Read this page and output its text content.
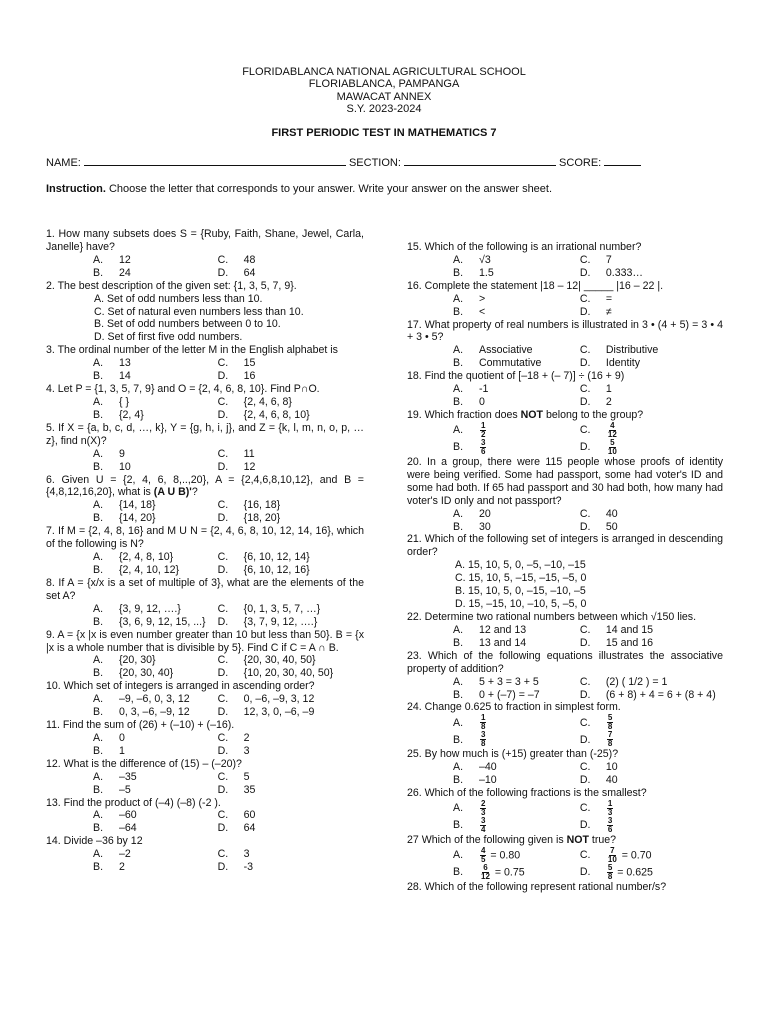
FLORIDABLANCA NATIONAL AGRICULTURAL SCHOOL
FLORIABLANCA, PAMPANGA
MAWACAT ANNEX
S.Y. 2023-2024
FIRST PERIODIC TEST IN MATHEMATICS 7
NAME:	SECTION:	SCORE:
Instruction. Choose the letter that corresponds to your answer. Write your answer on the answer sheet.
1. How many subsets does S = {Ruby, Faith, Shane, Jewel, Carla, Janelle} have?
A. 12	C. 48
B. 24	D. 64
2. The best description of the given set: {1, 3, 5, 7, 9}.
A. Set of odd numbers less than 10.
C. Set of natural even numbers less than 10.
B. Set of odd numbers between 0 to 10.
D. Set of first five odd numbers.
3. The ordinal number of the letter M in the English alphabet is
A. 13	C. 15
B. 14	D. 16
4. Let P = {1, 3, 5, 7, 9} and O = {2, 4, 6, 8, 10}. Find P∩O.
A. { }	C. {2, 4, 6, 8}
B. {2, 4}	D. {2, 4, 6, 8, 10}
5. If X = {a, b, c, d, …, k}, Y = {g, h, i, j}, and Z = {k, l, m, n, o, p, …z}, find n(X)?
A. 9	C. 11
B. 10	D. 12
6. Given U = {2, 4, 6, 8,..,20}, A = {2,4,6,8,10,12}, and B = {4,8,12,16,20}, what is (A U B)'?
A. {14, 18}	C. {16, 18}
B. {14, 20}	D. {18, 20}
7. If M = {2, 4, 8, 16} and M U N = {2, 4, 6, 8, 10, 12, 14, 16}, which of the following is N?
A. {2, 4, 8, 10}	C. {6, 10, 12, 14}
B. {2, 4, 10, 12}	D. {6, 10, 12, 16}
8. If A = {x/x is a set of multiple of 3}, what are the elements of the set A?
A. {3, 9, 12, ….}	C. {0, 1, 3, 5, 7, …}
B. {3, 6, 9, 12, 15, ...}	D. {3, 7, 9, 12, ….}
9. A = {x |x is even number greater than 10 but less than 50}. B = {x |x is a whole number that is divisible by 5}. Find C if C = A ∩ B.
A. {20, 30}	C. {20, 30, 40, 50}
B. {20, 30, 40}	D. {10, 20, 30, 40, 50}
10. Which set of integers is arranged in ascending order?
A. –9, –6, 0, 3, 12	C. 0, –6, –9, 3, 12
B. 0, 3, –6, –9, 12	D. 12, 3, 0, –6, –9
11. Find the sum of (26) + (–10) + (–16).
A. 0	C. 2
B. 1	D. 3
12. What is the difference of (15) – (–20)?
A. –35	C. 5
B. –5	D. 35
13. Find the product of (–4) (–8) (-2 ).
A. –60	C. 60
B. –64	D. 64
14. Divide –36 by 12
A. –2	C. 3
B. 2	D. -3
15. Which of the following is an irrational number?
A. √3	C. 7
B. 1.5	D. 0.333…
16. Complete the statement |18 – 12| _____ |16 – 22 |.
A. >	C. =
B. <	D. ≠
17. What property of real numbers is illustrated in 3 • (4 + 5) = 3 • 4 + 3 • 5?
A. Associative	C. Distributive
B. Commutative	D. Identity
18. Find the quotient of [–18 + (– 7)] ÷ (16 + 9)
A. -1	C. 1
B. 0	D. 2
19. Which fraction does NOT belong to the group?
A. $\frac{1}{2}$	C. $\frac{4}{12}$
B. $\frac{3}{6}$	D. $\frac{5}{10}$
20. In a group, there were 115 people whose proofs of identity were being verified. Some had passport, some had voter's ID and some had both. If 65 had passport and 30 had both, how many had voter's ID only and not passport?
A. 20	C. 40
B. 30	D. 50
21. Which of the following set of integers is arranged in descending order?
A. 15, 10, 5, 0, –5, –10, –15
C. 15, 10, 5, –15, –15, –5, 0
B. 15, 10, 5, 0, –15, –10, –5
D. 15, –15, 10, –10, 5, –5, 0
22. Determine two rational numbers between which √150 lies.
A. 12 and 13	C. 14 and 15
B. 13 and 14	D. 15 and 16
23. Which of the following equations illustrates the associative property of addition?
A. 5 + 3 = 3 + 5	C. (2) ( 1/2 ) = 1
B. 0 + (–7) = –7	D. (6 + 8) + 4 = 6 + (8 + 4)
24. Change 0.625 to fraction in simplest form.
A. $\frac{1}{8}$	C. $\frac{5}{8}$
B. $\frac{3}{8}$	D. $\frac{7}{8}$
25. By how much is (+15) greater than (-25)?
A. –40	C. 10
B. –10	D. 40
26. Which of the following fractions is the smallest?
A. $\frac{2}{3}$	C. $\frac{1}{3}$
B. $\frac{3}{4}$	D. $\frac{3}{6}$
27 Which of the following given is NOT true?
A. $\frac{4}{5} = 0.80$	C. $\frac{7}{10} = 0.70$
B. $\frac{6}{12} = 0.75$	D. $\frac{5}{8} = 0.625$
28. Which of the following represent rational number/s?
